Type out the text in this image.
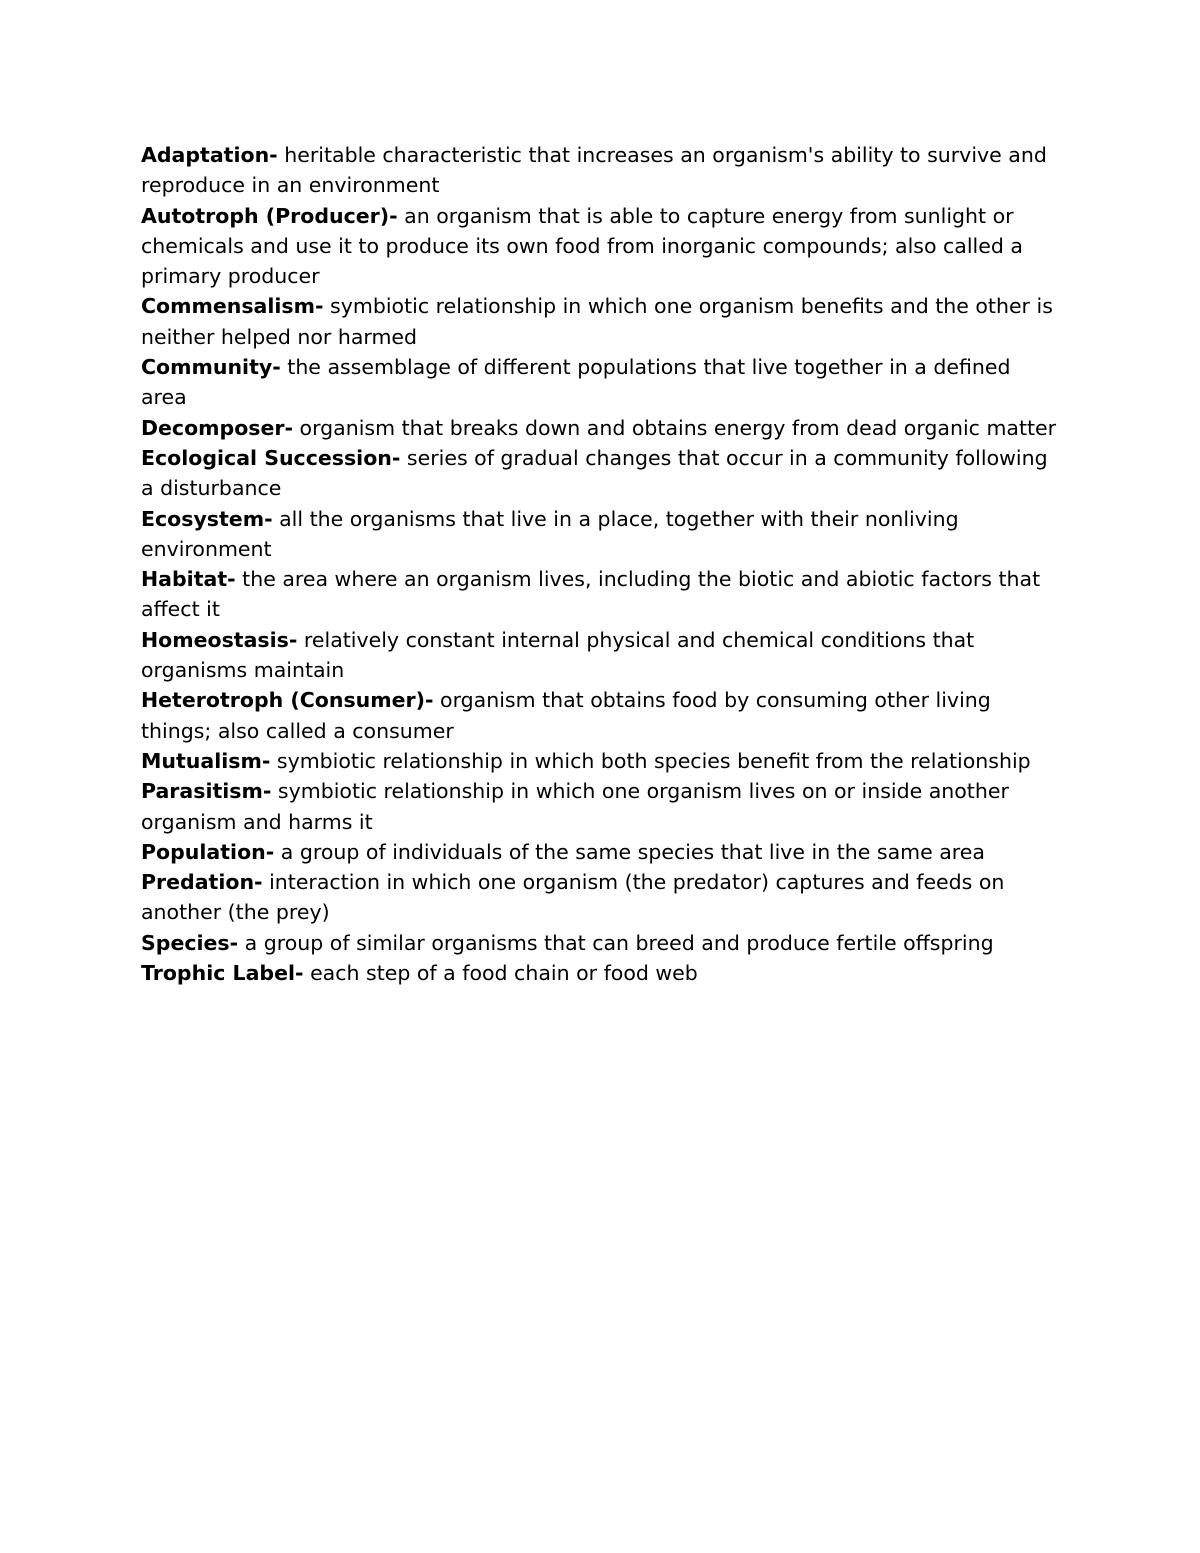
Adaptation- heritable characteristic that increases an organism's ability to survive and reproduce in an environment

Autotroph (Producer)- an organism that is able to capture energy from sunlight or chemicals and use it to produce its own food from inorganic compounds; also called a primary producer

Commensalism- symbiotic relationship in which one organism benefits and the other is neither helped nor harmed

Community- the assemblage of different populations that live together in a defined area

Decomposer- organism that breaks down and obtains energy from dead organic matter

Ecological Succession- series of gradual changes that occur in a community following a disturbance

Ecosystem- all the organisms that live in a place, together with their nonliving environment

Habitat- the area where an organism lives, including the biotic and abiotic factors that affect it

Homeostasis- relatively constant internal physical and chemical conditions that organisms maintain

Heterotroph (Consumer)- organism that obtains food by consuming other living things; also called a consumer

Mutualism- symbiotic relationship in which both species benefit from the relationship

Parasitism- symbiotic relationship in which one organism lives on or inside another organism and harms it

Population- a group of individuals of the same species that live in the same area

Predation- interaction in which one organism (the predator) captures and feeds on another (the prey)

Species- a group of similar organisms that can breed and produce fertile offspring

Trophic Label- each step of a food chain or food web
